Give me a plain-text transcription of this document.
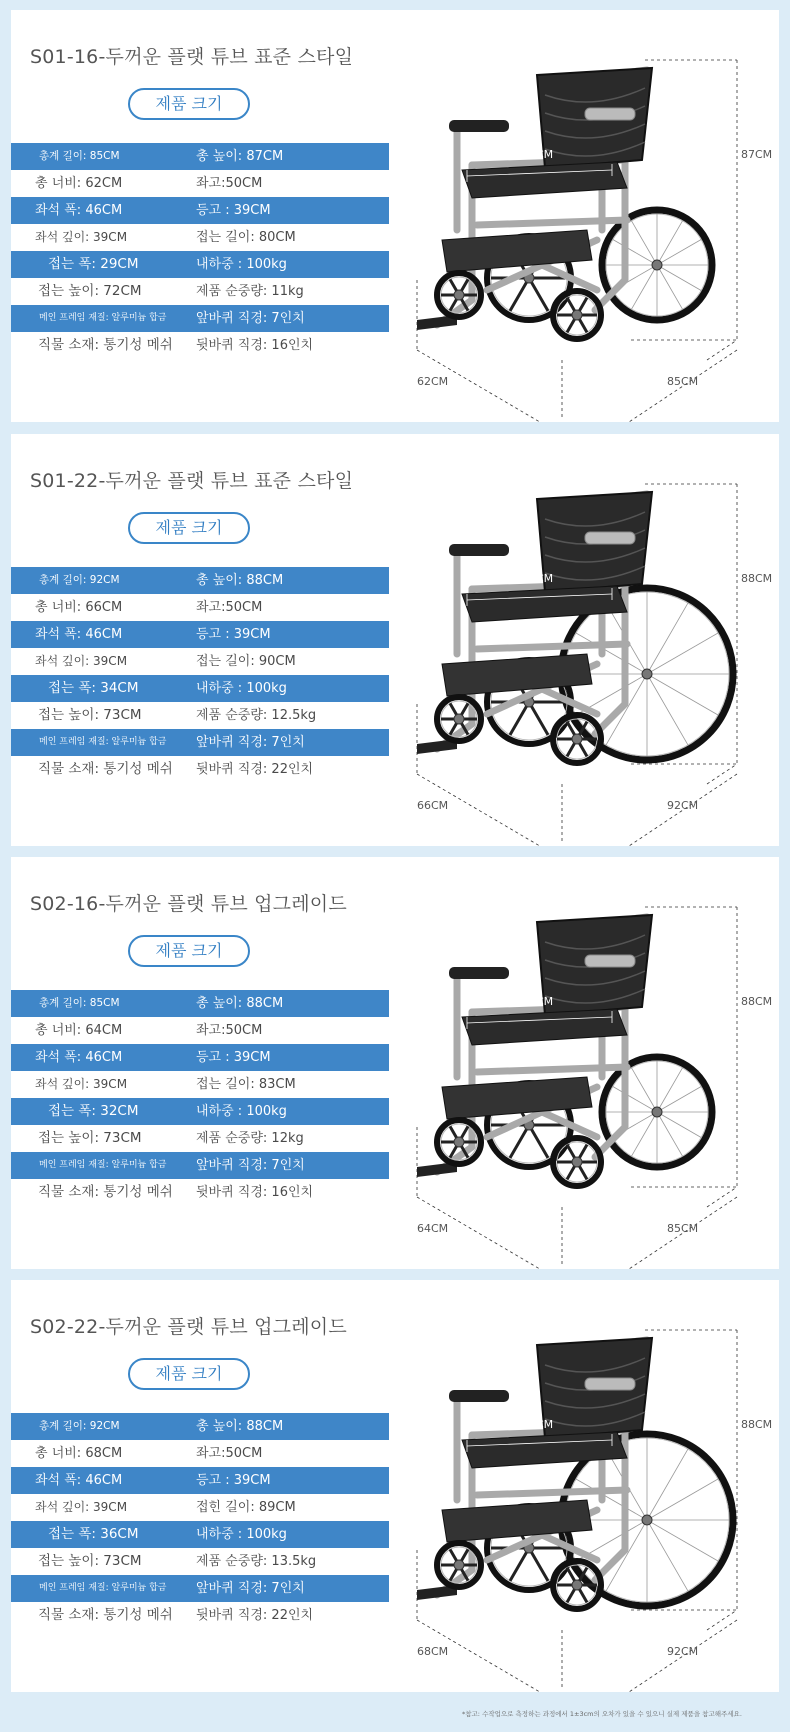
S01-16-두꺼운 플랫 튜브 표준 스타일
제품 크기
총계 길이: 85CM	총 높이: 87CM
총 너비: 62CM	좌고:50CM
좌석 폭: 46CM	등고 : 39CM
좌석 깊이: 39CM	접는 길이: 80CM
접는 폭: 29CM	내하중 : 100kg
접는 높이: 72CM	제품 순중량: 11kg
메인 프레임 재질: 알루미늄 합금 앞바퀴 직경: 7인치
직물 소재: 통기성 메쉬 뒷바퀴 직경: 16인치
87CM
46CM
62CM	85CM
S01-22-두꺼운 플랫 튜브 표준 스타일
제품 크기
총계 길이: 92CM	총 높이: 88CM
총 너비: 66CM	좌고:50CM
좌석 폭: 46CM	등고 : 39CM
좌석 깊이: 39CM	접는 길이: 90CM
접는 폭: 34CM	내하중 : 100kg
접는 높이: 73CM	제품 순중량: 12.5kg
메인 프레임 재질: 알루미늄 합금 앞바퀴 직경: 7인치
직물 소재: 통기성 메쉬 뒷바퀴 직경: 22인치
88CM
46CM
66CM	92CM
S02-16-두꺼운 플랫 튜브 업그레이드
제품 크기
총계 길이: 85CM	총 높이: 88CM
총 너비: 64CM	좌고:50CM
좌석 폭: 46CM	등고 : 39CM
좌석 깊이: 39CM	접는 길이: 83CM
접는 폭: 32CM	내하중 : 100kg
접는 높이: 73CM	제품 순중량: 12kg
메인 프레임 재질: 알루미늄 합금 앞바퀴 직경: 7인치
직물 소재: 통기성 메쉬 뒷바퀴 직경: 16인치
88CM
46CM
64CM	85CM
S02-22-두꺼운 플랫 튜브 업그레이드
제품 크기
총계 길이: 92CM	총 높이: 88CM
총 너비: 68CM	좌고:50CM
좌석 폭: 46CM	등고 : 39CM
좌석 깊이: 39CM	접힌 길이: 89CM
접는 폭: 36CM	내하중 : 100kg
접는 높이: 73CM	제품 순중량: 13.5kg
메인 프레임 재질: 알루미늄 합금 앞바퀴 직경: 7인치
직물 소재: 통기성 메쉬 뒷바퀴 직경: 22인치
88CM
46CM
68CM	92CM
*참고: 수작업으로 측정하는 과정에서 1±3cm의 오차가 있을 수 있으니 실제 제품을 참고해주세요.
